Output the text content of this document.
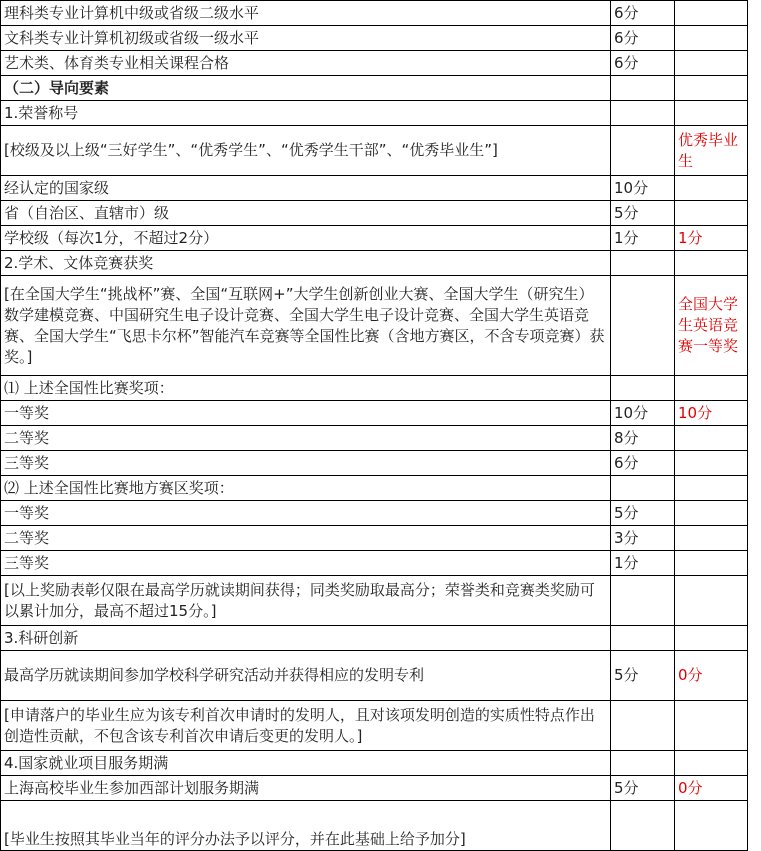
理科类专业计算机中级或省级二级水平	6分	
文科类专业计算机初级或省级一级水平	6分	
艺术类、体育类专业相关课程合格	6分	
（二）导向要素		
1.荣誉称号		
[校级及以上级“三好学生”、“优秀学生”、“优秀学生干部”、“优秀毕业生”]		优秀毕业生
经认定的国家级	10分	
省（自治区、直辖市）级	5分	
学校级（每次1分，不超过2分）	1分	1分
2.学术、文体竞赛获奖		
[在全国大学生“挑战杯”赛、全国“互联网+”大学生创新创业大赛、全国大学生（研究生）数学建模竞赛、中国研究生电子设计竞赛、全国大学生电子设计竞赛、全国大学生英语竞赛、全国大学生“飞思卡尔杯”智能汽车竞赛等全国性比赛（含地方赛区，不含专项竞赛）获奖。]		全国大学生英语竞赛一等奖
⑴ 上述全国性比赛奖项：		
一等奖	10分	10分
二等奖	8分	
三等奖	6分	
⑵ 上述全国性比赛地方赛区奖项：		
一等奖	5分	
二等奖	3分	
三等奖	1分	
[以上奖励表彰仅限在最高学历就读期间获得；同类奖励取最高分；荣誉类和竞赛类奖励可以累计加分，最高不超过15分。]		
3.科研创新		
最高学历就读期间参加学校科学研究活动并获得相应的发明专利	5分	0分
[申请落户的毕业生应为该专利首次申请时的发明人，且对该项发明创造的实质性特点作出创造性贡献，不包含该专利首次申请后变更的发明人。]		
4.国家就业项目服务期满		
上海高校毕业生参加西部计划服务期满	5分	0分
[毕业生按照其毕业当年的评分办法予以评分，并在此基础上给予加分]		
